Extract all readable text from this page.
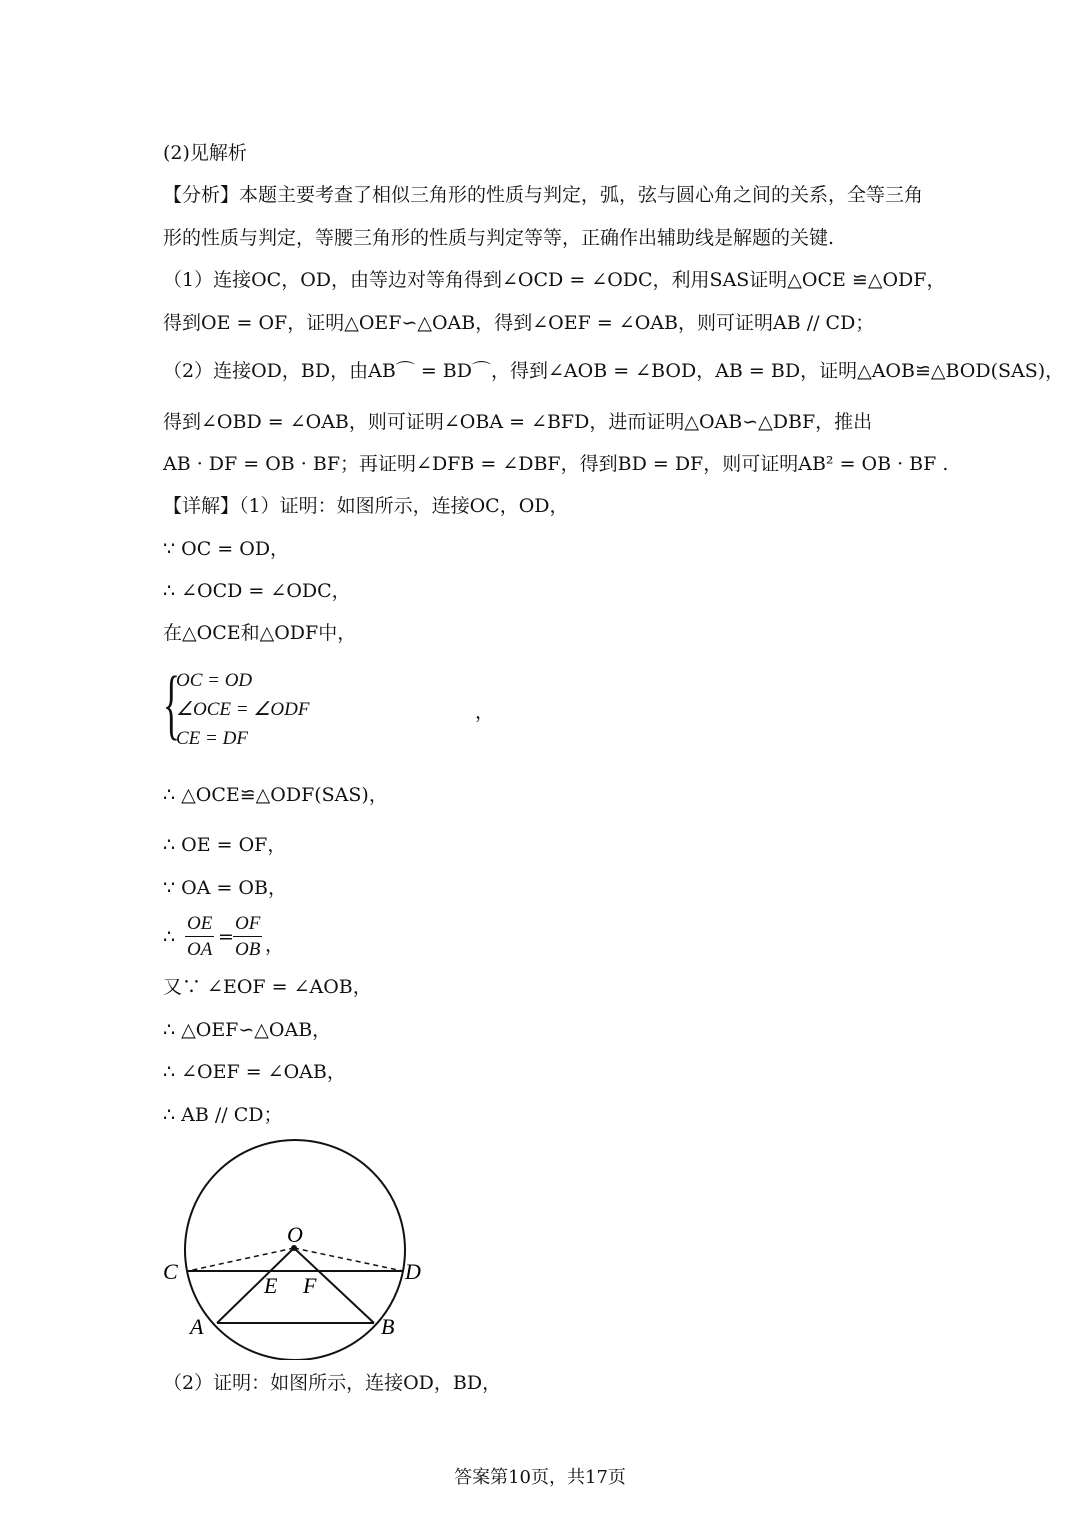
(2)见解析
【分析】本题主要考查了相似三角形的性质与判定，弧，弦与圆心角之间的关系，全等三角
形的性质与判定，等腰三角形的性质与判定等等，正确作出辅助线是解题的关键.
（1）连接OC，OD，由等边对等角得到∠OCD = ∠ODC，利用SAS证明△OCE ≌△ODF，
得到OE = OF，证明△OEF∽△OAB，得到∠OEF = ∠OAB，则可证明AB // CD；
（2）连接OD，BD，由AB⌒ = BD⌒，得到∠AOB = ∠BOD，AB = BD，证明△AOB≌△BOD(SAS)，
得到∠OBD = ∠OAB，则可证明∠OBA = ∠BFD，进而证明△OAB∽△DBF，推出
AB · DF = OB · BF；再证明∠DFB = ∠DBF，得到BD = DF，则可证明AB² = OB · BF .
【详解】（1）证明：如图所示，连接OC，OD，
∵ OC = OD，
∴ ∠OCD = ∠ODC，
在△OCE和△ODF中，
{
OC = OD
∠OCE = ∠ODF
CE = DF
，
∴ △OCE≌△ODF(SAS)，
∴ OE = OF，
∵ OA = OB，
∴ $\frac{OE}{OA} = \frac{OF}{OB}$ ，
又∵ ∠EOF = ∠AOB，
∴ △OEF∽△OAB，
∴ ∠OEF = ∠OAB，
∴ AB // CD；
O
C	D
E F
A	B
（2）证明：如图所示，连接OD，BD，
答案第10页，共17页
